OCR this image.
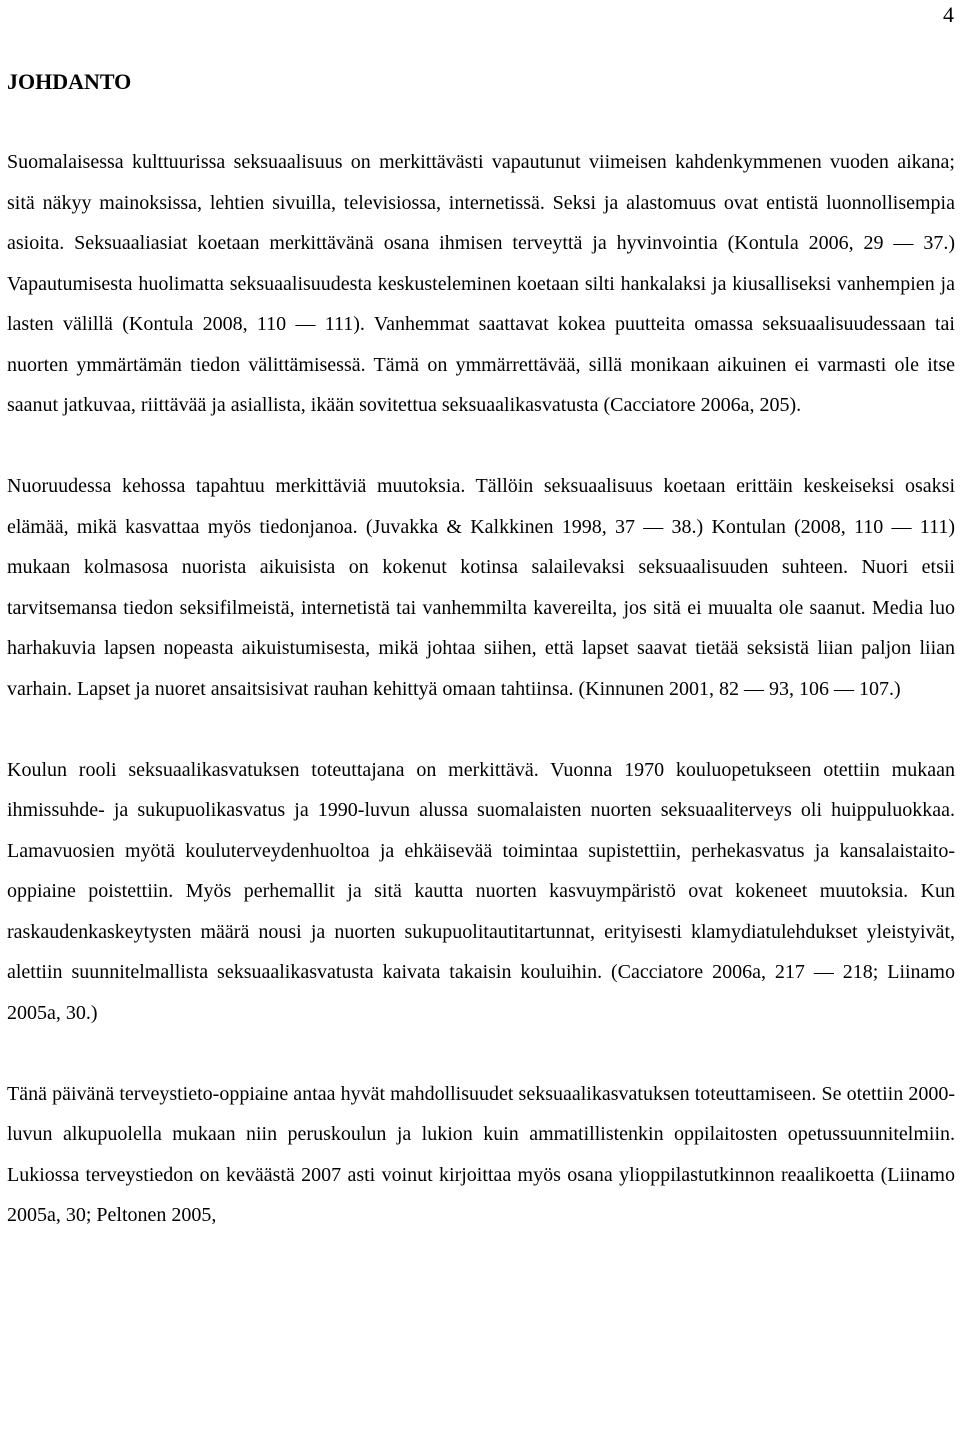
4
JOHDANTO

Suomalaisessa kulttuurissa seksuaalisuus on merkittävästi vapautunut viimeisen kahdenkymmenen vuoden aikana; sitä näkyy mainoksissa, lehtien sivuilla, televisiossa, internetissä. Seksi ja alastomuus ovat entistä luonnollisempia asioita. Seksuaaliasiat koetaan merkittävänä osana ihmisen terveyttä ja hyvinvointia (Kontula 2006, 29 — 37.) Vapautumisesta huolimatta seksuaalisuudesta keskusteleminen koetaan silti hankalaksi ja kiusalliseksi vanhempien ja lasten välillä (Kontula 2008, 110 — 111). Vanhemmat saattavat kokea puutteita omassa seksuaalisuudessaan tai nuorten ymmärtämän tiedon välittämisessä. Tämä on ymmärrettävää, sillä monikaan aikuinen ei varmasti ole itse saanut jatkuvaa, riittävää ja asiallista, ikään sovitettua seksuaalikasvatusta (Cacciatore 2006a, 205).

Nuoruudessa kehossa tapahtuu merkittäviä muutoksia. Tällöin seksuaalisuus koetaan erittäin keskeiseksi osaksi elämää, mikä kasvattaa myös tiedonjanoa. (Juvakka & Kalkkinen 1998, 37 — 38.) Kontulan (2008, 110 — 111) mukaan kolmasosa nuorista aikuisista on kokenut kotinsa salailevaksi seksuaalisuuden suhteen. Nuori etsii tarvitsemansa tiedon seksifilmeistä, internetistä tai vanhemmilta kavereilta, jos sitä ei muualta ole saanut. Media luo harhakuvia lapsen nopeasta aikuistumisesta, mikä johtaa siihen, että lapset saavat tietää seksistä liian paljon liian varhain. Lapset ja nuoret ansaitsisivat rauhan kehittyä omaan tahtiinsa. (Kinnunen 2001, 82 — 93, 106 — 107.)

Koulun rooli seksuaalikasvatuksen toteuttajana on merkittävä. Vuonna 1970 kouluopetukseen otettiin mukaan ihmissuhde- ja sukupuolikasvatus ja 1990-luvun alussa suomalaisten nuorten seksuaaliterveys oli huippuluokkaa. Lamavuosien myötä kouluterveydenhuoltoa ja ehkäisevää toimintaa supistettiin, perhekasvatus ja kansalaistaito-oppiaine poistettiin. Myös perhemallit ja sitä kautta nuorten kasvuympäristö ovat kokeneet muutoksia. Kun raskaudenkaskeytysten määrä nousi ja nuorten sukupuolitautitartunnat, erityisesti klamydiatulehdukset yleistyivät, alettiin suunnitelmallista seksuaalikasvatusta kaivata takaisin kouluihin. (Cacciatore 2006a, 217 — 218; Liinamo 2005a, 30.)

Tänä päivänä terveystieto-oppiaine antaa hyvät mahdollisuudet seksuaalikasvatuksen toteuttamiseen. Se otettiin 2000-luvun alkupuolella mukaan niin peruskoulun ja lukion kuin ammatillistenkin oppilaitosten opetussuunnitelmiin. Lukiossa terveystiedon on keväästä 2007 asti voinut kirjoittaa myös osana ylioppilastutkinnon reaalikoetta (Liinamo 2005a, 30; Peltonen 2005,
